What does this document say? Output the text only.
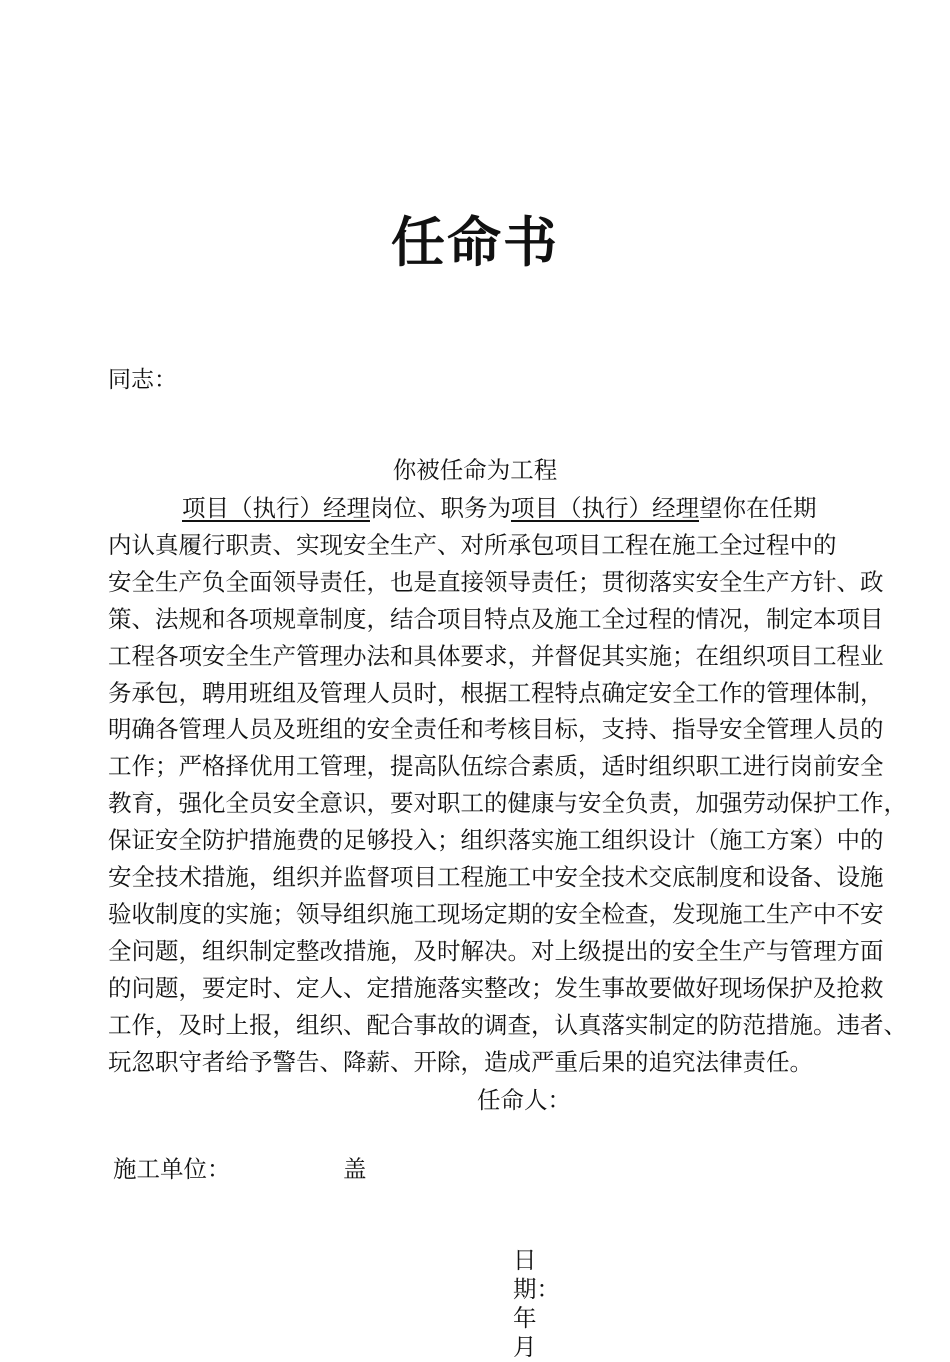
任命书
同志：
你被任命为工程
项目（执行）经理岗位、职务为项目（执行）经理望你在任期
内认真履行职责、实现安全生产、对所承包项目工程在施工全过程中的
安全生产负全面领导责任，也是直接领导责任；贯彻落实安全生产方针、政
策、法规和各项规章制度，结合项目特点及施工全过程的情况，制定本项目
工程各项安全生产管理办法和具体要求，并督促其实施；在组织项目工程业
务承包，聘用班组及管理人员时，根据工程特点确定安全工作的管理体制，
明确各管理人员及班组的安全责任和考核目标，支持、指导安全管理人员的
工作；严格择优用工管理，提高队伍综合素质，适时组织职工进行岗前安全
教育，强化全员安全意识，要对职工的健康与安全负责，加强劳动保护工作，
保证安全防护措施费的足够投入；组织落实施工组织设计（施工方案）中的
安全技术措施，组织并监督项目工程施工中安全技术交底制度和设备、设施
验收制度的实施；领导组织施工现场定期的安全检查，发现施工生产中不安
全问题，组织制定整改措施，及时解决。对上级提出的安全生产与管理方面
的问题，要定时、定人、定措施落实整改；发生事故要做好现场保护及抢救
工作，及时上报，组织、配合事故的调查，认真落实制定的防范措施。违者、
玩忽职守者给予警告、降薪、开除，造成严重后果的追究法律责任。
任命人：
施工单位：	盖
日
期：
年
月
